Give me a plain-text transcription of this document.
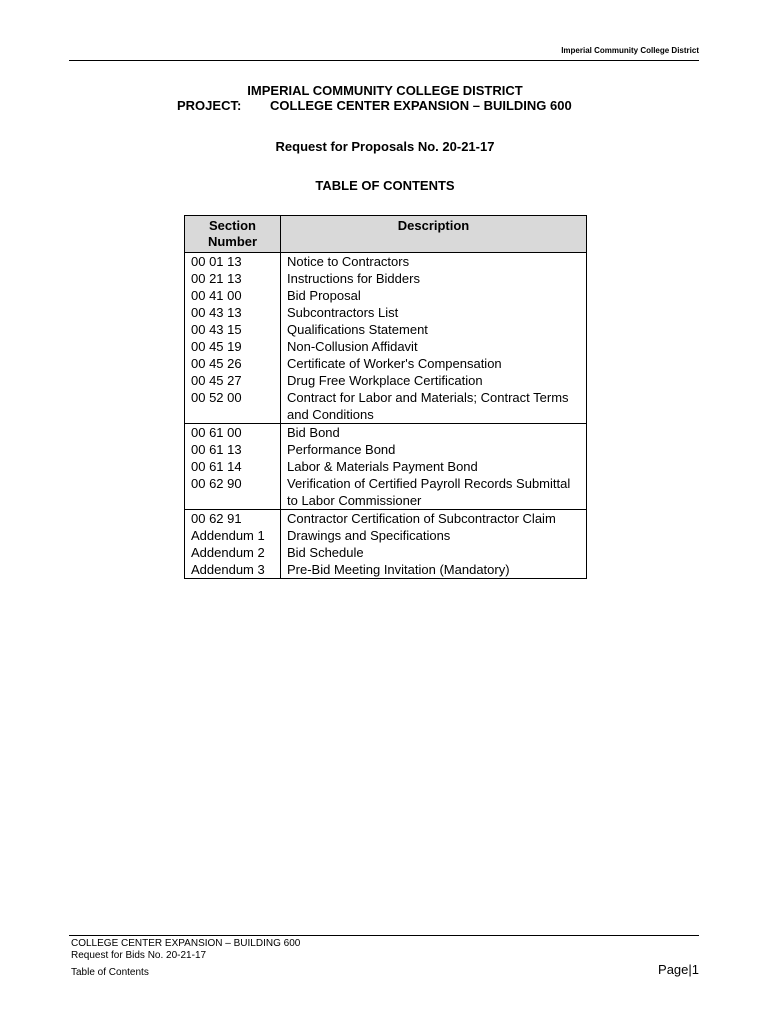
Imperial Community College District
IMPERIAL COMMUNITY COLLEGE DISTRICT
PROJECT: COLLEGE CENTER EXPANSION – BUILDING 600
Request for Proposals No. 20-21-17
TABLE OF CONTENTS
Section Number	Description
00 01 13	Notice to Contractors
00 21 13	Instructions for Bidders
00 41 00	Bid Proposal
00 43 13	Subcontractors List
00 43 15	Qualifications Statement
00 45 19	Non-Collusion Affidavit
00 45 26	Certificate of Worker's Compensation
00 45 27	Drug Free Workplace Certification
00 52 00	Contract for Labor and Materials; Contract Terms and Conditions
00 61 00	Bid Bond
00 61 13	Performance Bond
00 61 14	Labor & Materials Payment Bond
00 62 90	Verification of Certified Payroll Records Submittal to Labor Commissioner
00 62 91	Contractor Certification of Subcontractor Claim
Addendum 1	Drawings and Specifications
Addendum 2	Bid Schedule
Addendum 3	Pre-Bid Meeting Invitation (Mandatory)
COLLEGE CENTER EXPANSION – BUILDING 600
Request for Bids No. 20-21-17
Table of Contents	Page|1
